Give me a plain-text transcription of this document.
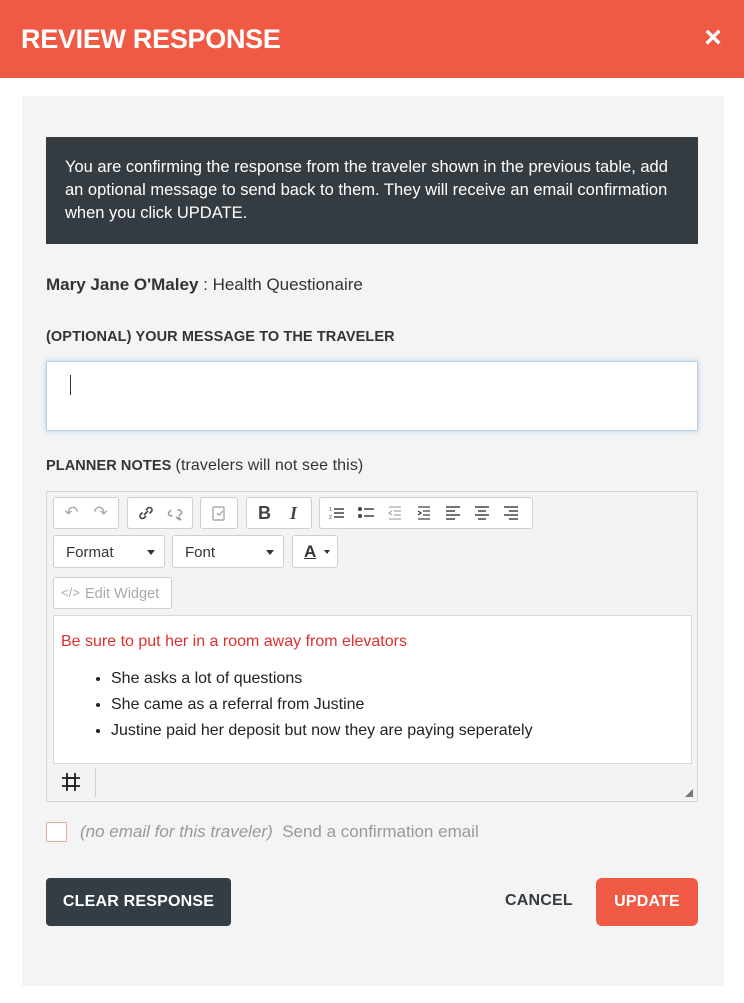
REVIEW RESPONSE	×
You are confirming the response from the traveler shown in the previous table, add an optional message to send back to them. They will receive an email confirmation when you click UPDATE.
Mary Jane O'Maley : Health Questionaire
(OPTIONAL) YOUR MESSAGE TO THE TRAVELER
PLANNER NOTES (travelers will not see this)
↶ ↷	B	I	1
2
Format	Font	A
</> Edit Widget
Be sure to put her in a room away from elevators
• She asks a lot of questions
• She came as a referral from Justine
• Justine paid her deposit but now they are paying seperately
(no email for this traveler) Send a confirmation email
CLEAR RESPONSE	CANCEL	UPDATE
